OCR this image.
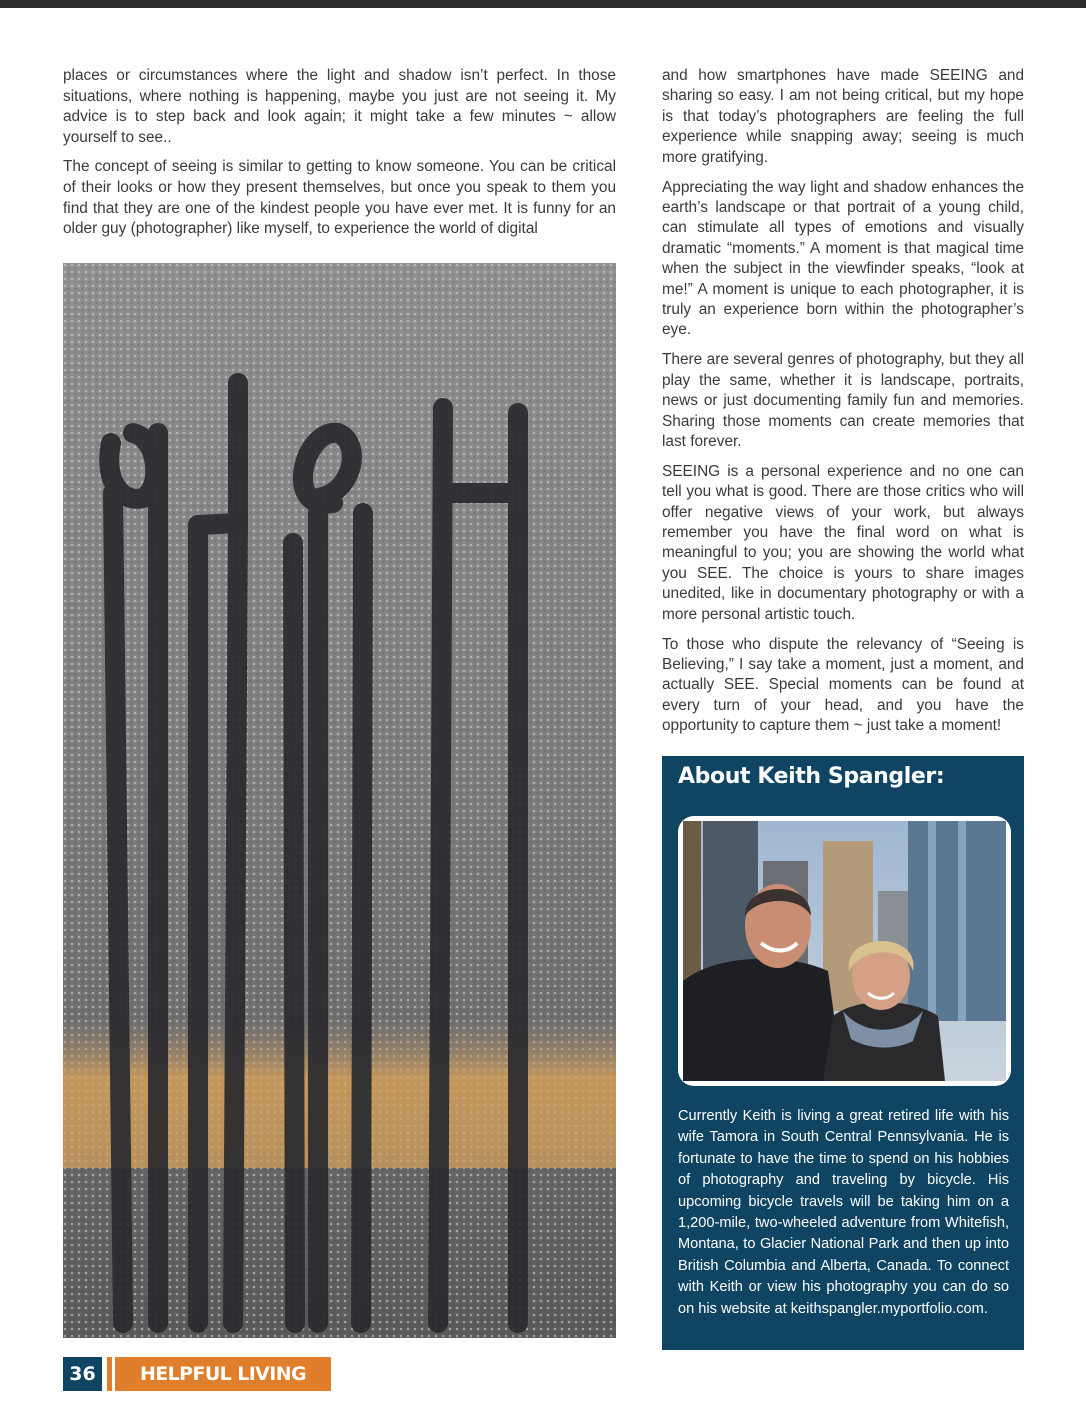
places or circumstances where the light and shadow isn’t perfect. In those situations, where nothing is happening, maybe you just are not seeing it. My advice is to step back and look again; it might take a few minutes ~ allow yourself to see..

The concept of seeing is similar to getting to know someone. You can be critical of their looks or how they present themselves, but once you speak to them you find that they are one of the kindest people you have ever met. It is funny for an older guy (photographer) like myself, to experience the world of digital

and how smartphones have made SEEING and sharing so easy. I am not being critical, but my hope is that today’s photographers are feeling the full experience while snapping away; seeing is much more gratifying.

Appreciating the way light and shadow enhances the earth’s landscape or that portrait of a young child, can stimulate all types of emotions and visually dramatic “moments.” A moment is that magical time when the subject in the viewfinder speaks, “look at me!” A moment is unique to each photographer, it is truly an experience born within the photographer’s eye.

There are several genres of photography, but they all play the same, whether it is landscape, portraits, news or just documenting family fun and memories. Sharing those moments can create memories that last forever.

SEEING is a personal experience and no one can tell you what is good. There are those critics who will offer negative views of your work, but always remember you have the final word on what is meaningful to you; you are showing the world what you SEE. The choice is yours to share images unedited, like in documentary photography or with a more personal artistic touch.

To those who dispute the relevancy of “Seeing is Believing,” I say take a moment, just a moment, and actually SEE. Special moments can be found at every turn of your head, and you have the opportunity to capture them ~ just take a moment!

About Keith Spangler:

Currently Keith is living a great retired life with his wife Tamora in South Central Pennsylvania. He is fortunate to have the time to spend on his hobbies of photography and traveling by bicycle. His upcoming bicycle travels will be taking him on a 1,200-mile, two-wheeled adventure from Whitefish, Montana, to Glacier National Park and then up into British Columbia and Alberta, Canada. To connect with Keith or view his photography you can do so on his website at keithspangler.myportfolio.com.

36	HELPFUL LIVING MAGAZINE
